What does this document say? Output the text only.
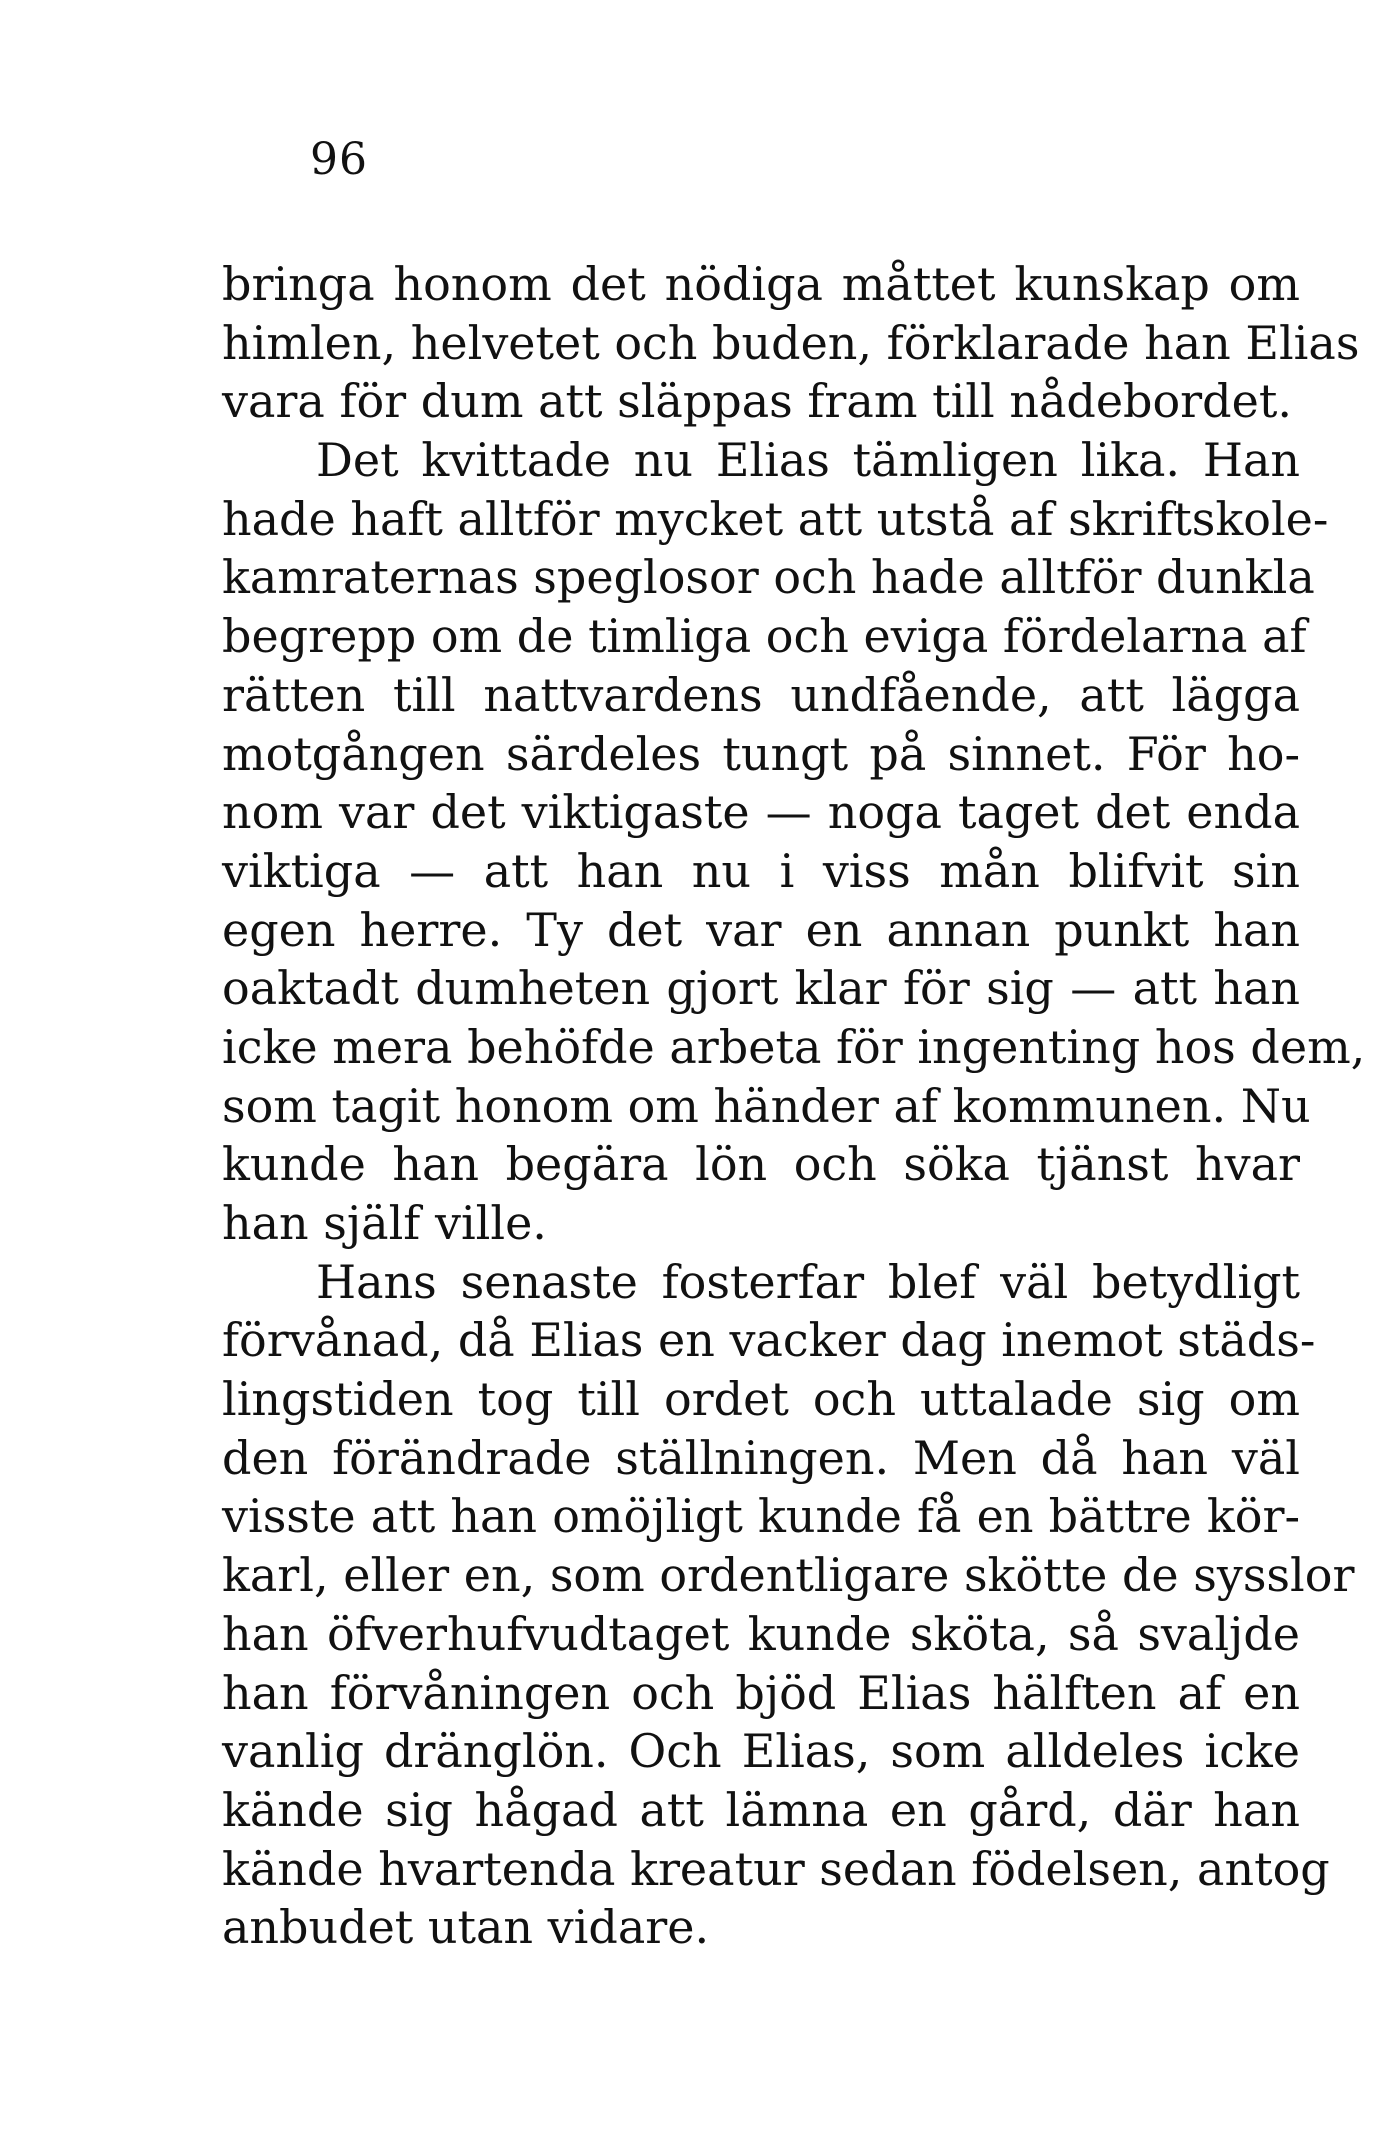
96
bringa honom det nödiga måttet kunskap om
himlen, helvetet och buden, förklarade han Elias
vara för dum att släppas fram till nådebordet.
Det kvittade nu Elias tämligen lika. Han
hade haft alltför mycket att utstå af skriftskole-
kamraternas speglosor och hade alltför dunkla
begrepp om de timliga och eviga fördelarna af
rätten till nattvardens undfående, att lägga
motgången särdeles tungt på sinnet. För ho-
nom var det viktigaste — noga taget det enda
viktiga — att han nu i viss mån blifvit sin
egen herre. Ty det var en annan punkt han
oaktadt dumheten gjort klar för sig — att han
icke mera behöfde arbeta för ingenting hos dem,
som tagit honom om händer af kommunen. Nu
kunde han begära lön och söka tjänst hvar
han själf ville.
Hans senaste fosterfar blef väl betydligt
förvånad, då Elias en vacker dag inemot städs-
lingstiden tog till ordet och uttalade sig om
den förändrade ställningen. Men då han väl
visste att han omöjligt kunde få en bättre kör-
karl, eller en, som ordentligare skötte de sysslor
han öfverhufvudtaget kunde sköta, så svaljde
han förvåningen och bjöd Elias hälften af en
vanlig dränglön. Och Elias, som alldeles icke
kände sig hågad att lämna en gård, där han
kände hvartenda kreatur sedan födelsen, antog
anbudet utan vidare.
